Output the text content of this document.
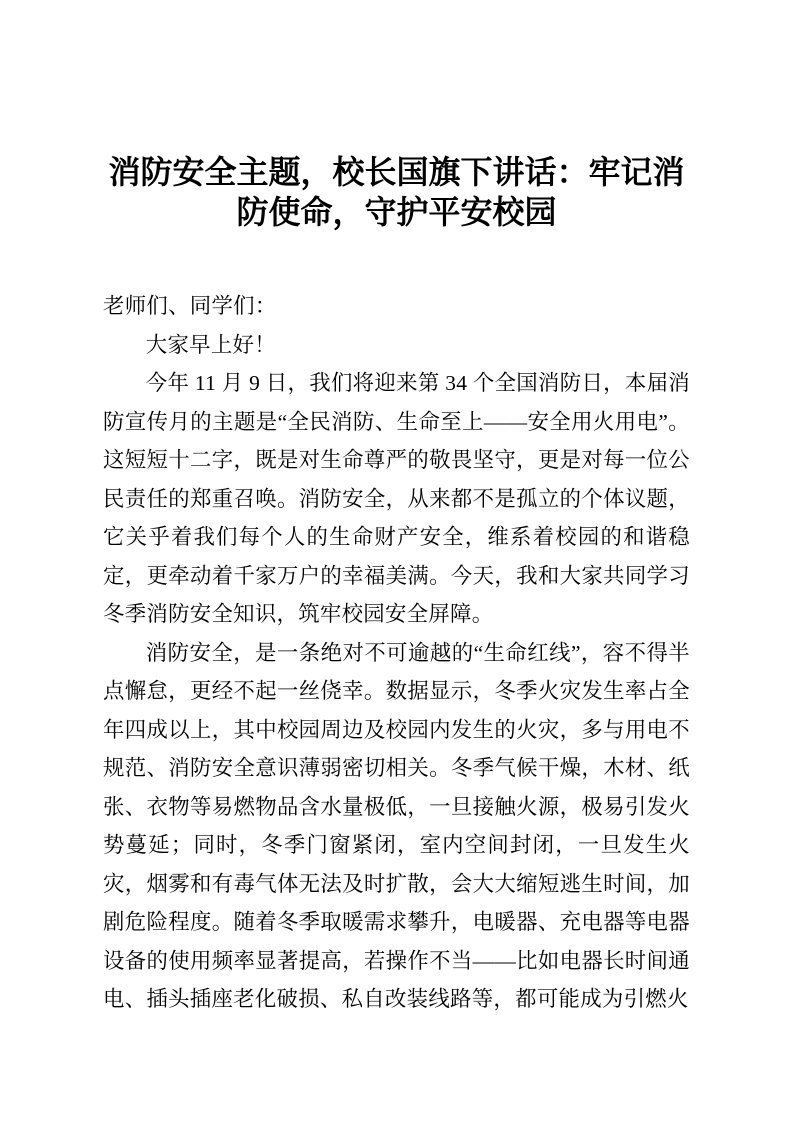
消防安全主题，校长国旗下讲话：牢记消防使命，守护平安校园

老师们、同学们：

大家早上好！

今年 11 月 9 日，我们将迎来第 34 个全国消防日，本届消防宣传月的主题是“全民消防、生命至上——安全用火用电”。这短短十二字，既是对生命尊严的敬畏坚守，更是对每一位公民责任的郑重召唤。消防安全，从来都不是孤立的个体议题，它关乎着我们每个人的生命财产安全，维系着校园的和谐稳定，更牵动着千家万户的幸福美满。今天，我和大家共同学习冬季消防安全知识，筑牢校园安全屏障。

消防安全，是一条绝对不可逾越的“生命红线”，容不得半点懈怠，更经不起一丝侥幸。数据显示，冬季火灾发生率占全年四成以上，其中校园周边及校园内发生的火灾，多与用电不规范、消防安全意识薄弱密切相关。冬季气候干燥，木材、纸张、衣物等易燃物品含水量极低，一旦接触火源，极易引发火势蔓延；同时，冬季门窗紧闭，室内空间封闭，一旦发生火灾，烟雾和有毒气体无法及时扩散，会大大缩短逃生时间，加剧危险程度。随着冬季取暖需求攀升，电暖器、充电器等电器设备的使用频率显著提高，若操作不当——比如电器长时间通电、插头插座老化破损、私自改装线路等，都可能成为引燃火
